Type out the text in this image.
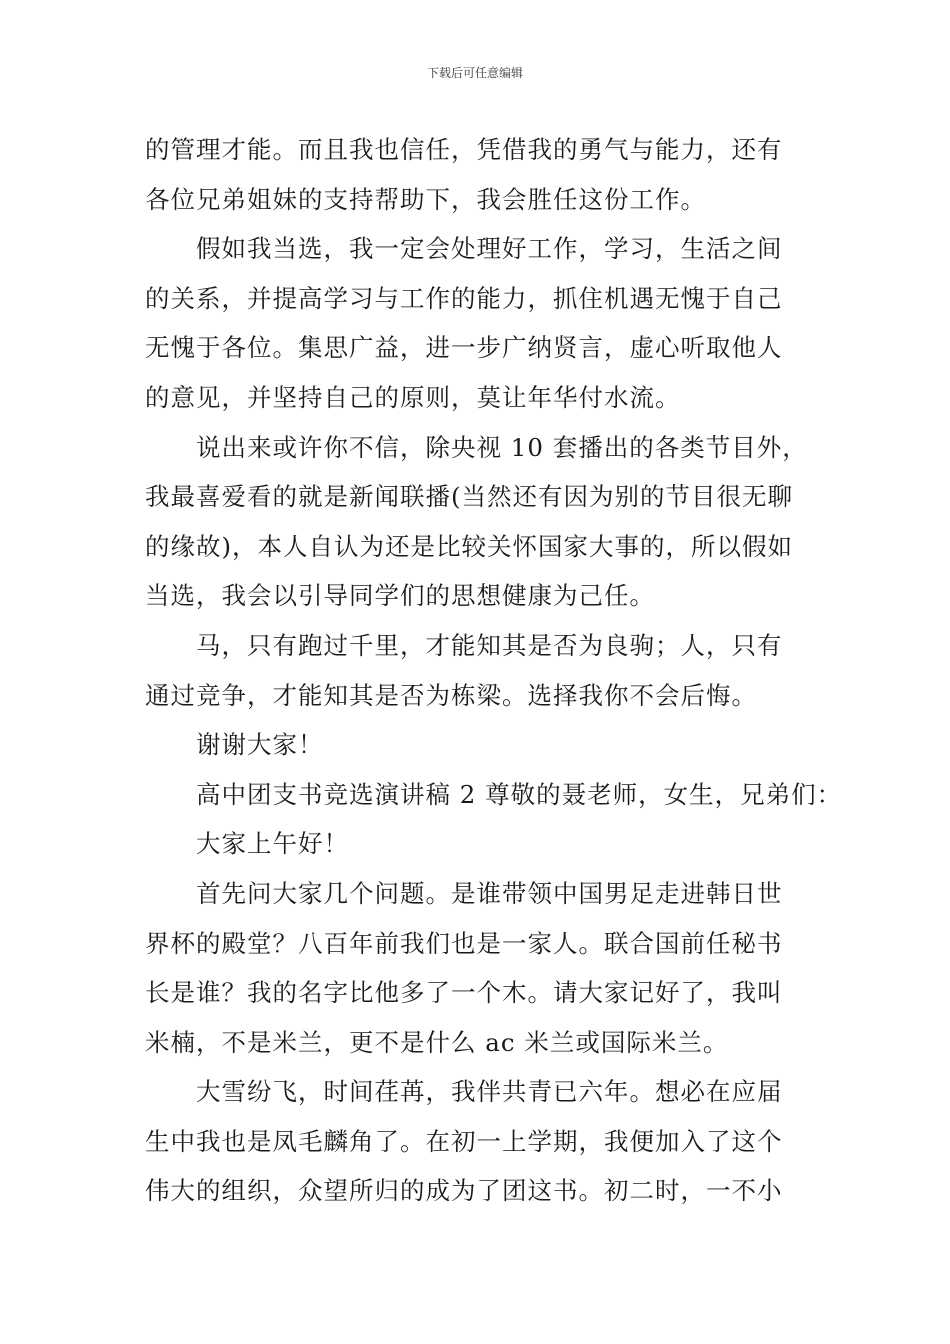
下载后可任意编辑

的管理才能。而且我也信任，凭借我的勇气与能力，还有

各位兄弟姐妹的支持帮助下，我会胜任这份工作。

假如我当选，我一定会处理好工作，学习，生活之间

的关系，并提高学习与工作的能力，抓住机遇无愧于自己

无愧于各位。集思广益，进一步广纳贤言，虚心听取他人

的意见，并坚持自己的原则，莫让年华付水流。

说出来或许你不信，除央视 10 套播出的各类节目外，

我最喜爱看的就是新闻联播(当然还有因为别的节目很无聊

的缘故)，本人自认为还是比较关怀国家大事的，所以假如

当选，我会以引导同学们的思想健康为己任。

马，只有跑过千里，才能知其是否为良驹；人，只有

通过竞争，才能知其是否为栋梁。选择我你不会后悔。

谢谢大家！

高中团支书竞选演讲稿 2 尊敬的聂老师，女生，兄弟们：

大家上午好！

首先问大家几个问题。是谁带领中国男足走进韩日世

界杯的殿堂？八百年前我们也是一家人。联合国前任秘书

长是谁？我的名字比他多了一个木。请大家记好了，我叫

米楠，不是米兰，更不是什么 ac 米兰或国际米兰。

大雪纷飞，时间荏苒，我伴共青已六年。想必在应届

生中我也是凤毛麟角了。在初一上学期，我便加入了这个

伟大的组织，众望所归的成为了团这书。初二时，一不小
